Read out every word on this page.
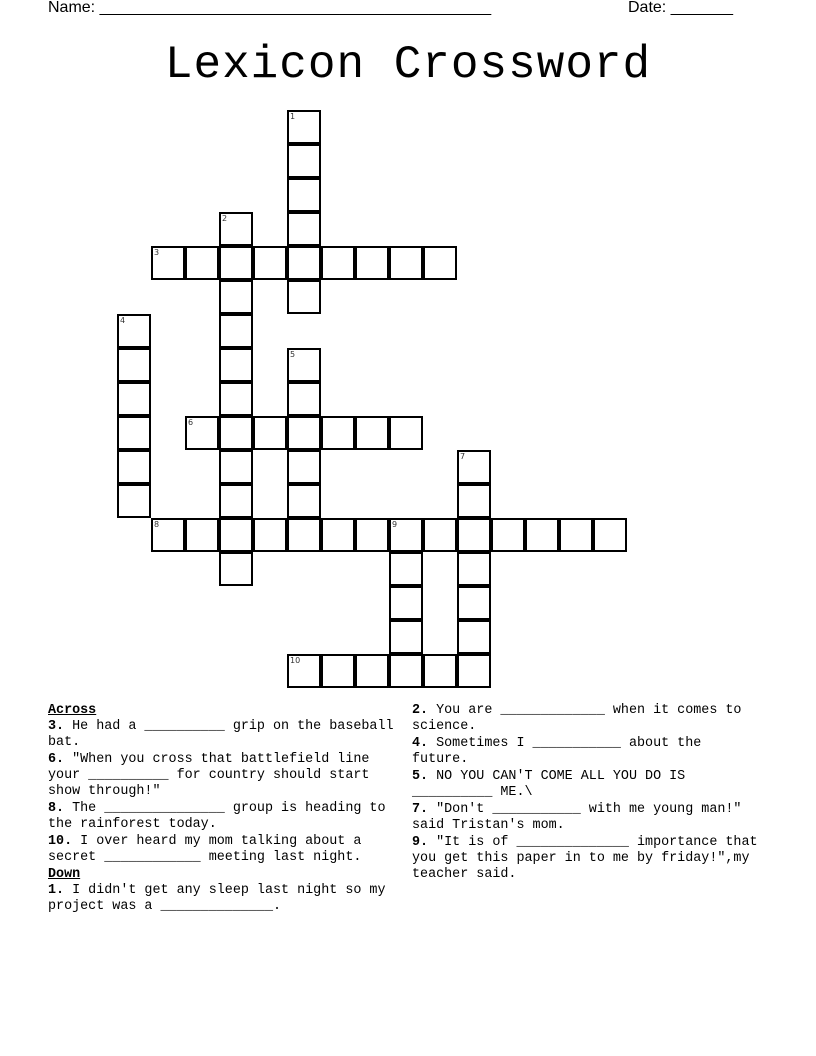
Name: ____________________________________________	Date: _______
Lexicon Crossword
1
2
3
4
5
6
7
8	9
10
Across
3. He had a __________ grip on the baseball bat.
6. "When you cross that battlefield line your __________ for country should start show through!"
8. The _______________ group is heading to the rainforest today.
10. I over heard my mom talking about a secret ____________ meeting last night.
Down
1. I didn't get any sleep last night so my project was a ______________.
2. You are _____________ when it comes to science.
4. Sometimes I ___________ about the future.
5. NO YOU CAN'T COME ALL YOU DO IS __________ ME.\
7. "Don't ___________ with me young man!" said Tristan's mom.
9. "It is of ______________ importance that you get this paper in to me by friday!",my teacher said.
